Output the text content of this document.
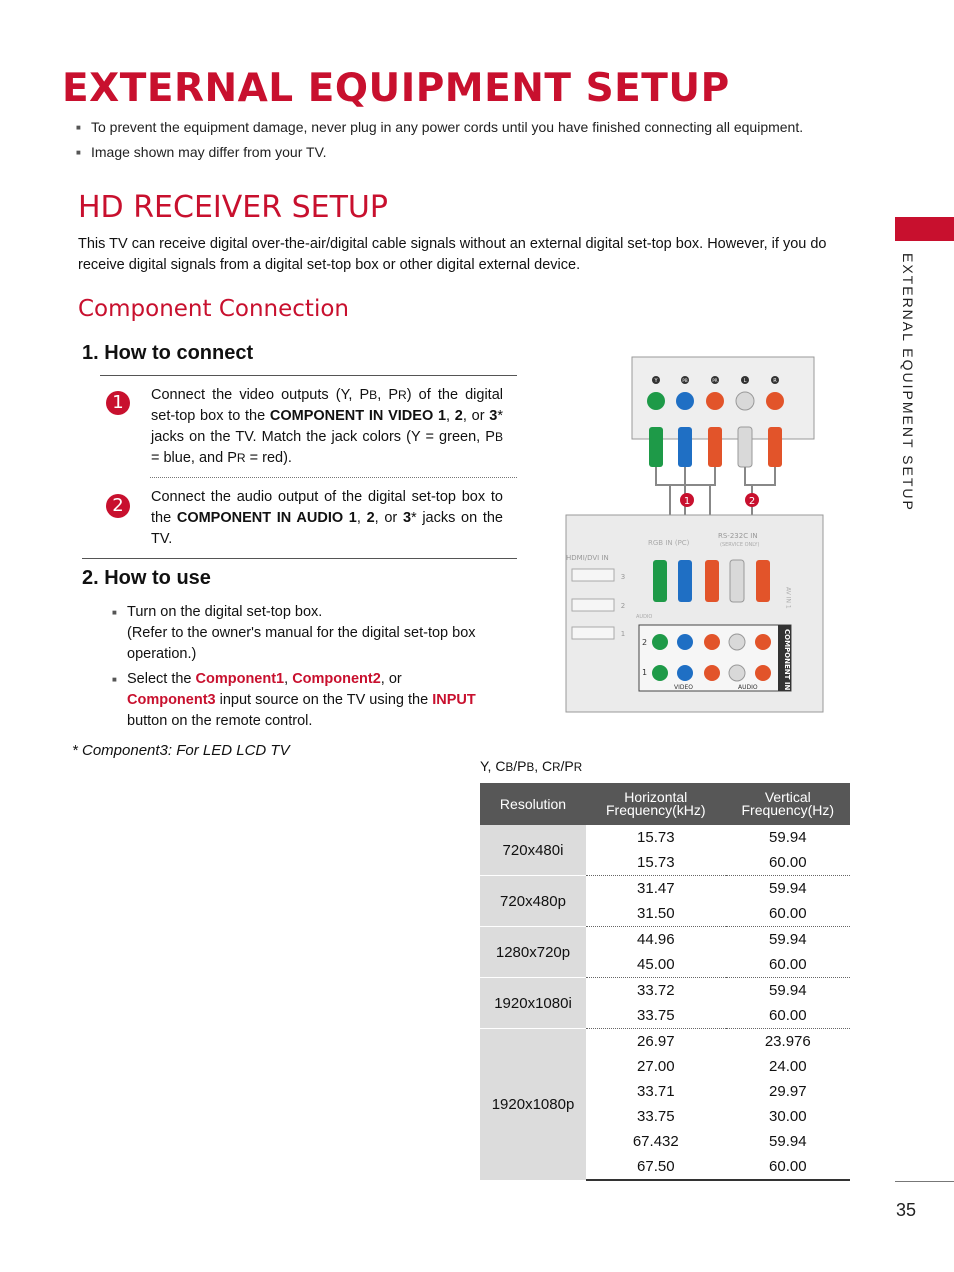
EXTERNAL EQUIPMENT SETUP
■ To prevent the equipment damage, never plug in any power cords until you have finished connecting all equipment.
■ Image shown may differ from your TV.
HD RECEIVER SETUP

This TV can receive digital over-the-air/digital cable signals without an external digital set-top box. However, if you do receive digital signals from a digital set-top box or other digital external device.

Component Connection
1. How to connect
1	Connect the video outputs (Y, PB, PR) of the digital set-top box to the COMPONENT IN VIDEO 1, 2, or 3* jacks on the TV. Match the jack colors (Y = green, PB = blue, and PR = red).

2	Connect the audio output of the digital set-top box to the COMPONENT IN AUDIO 1, 2, or 3* jacks on the TV.

2. How to use
■ Turn on the digital set-top box.
(Refer to the owner's manual for the digital set-top box operation.)
■ Select the Component1, Component2, or Component3 input source on the TV using the INPUT button on the remote control.

* Component3: For LED LCD TV

EXTERNAL EQUIPMENT SETUP
35
Y	PB	PR	L	R
1	2
RGB IN (PC)
RS-232C IN
(SERVICE ONLY)
HDMI/DVI IN
3
2
1
AUDIO
AV IN 1
COMPONENT IN
2
1
VIDEO	AUDIO

Y, CB/PB, CR/PR

Resolution	Horizontal Frequency(kHz)	Vertical Frequency(Hz)
720x480i	15.73	59.94
	15.73	60.00
720x480p	31.47	59.94
	31.50	60.00
1280x720p	44.96	59.94
	45.00	60.00
1920x1080i	33.72	59.94
	33.75	60.00
1920x1080p	26.97	23.976
	27.00	24.00
	33.71	29.97
	33.75	30.00
	67.432	59.94
	67.50	60.00
